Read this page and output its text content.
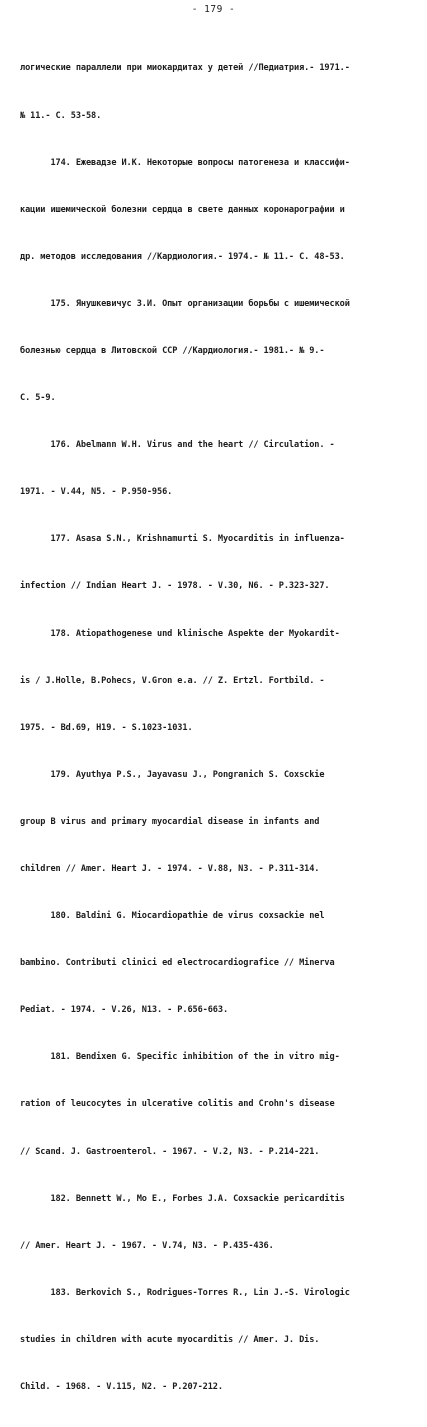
- 179 -

логические параллели при миокардитах у детей //Педиатрия.- 1971.-

№ 11.- С. 53-58.

174. Ежевадзе И.К. Некоторые вопросы патогенеза и классифи-

кации ишемической болезни сердца в свете данных коронарографии и

др. методов исследования //Кардиология.- 1974.- № 11.- С. 48-53.

175. Янушкевичус З.И. Опыт организации борьбы с ишемической

болезнью сердца в Литовской ССР //Кардиология.- 1981.- № 9.-

С. 5-9.

176. Abelmann W.H. Virus and the heart // Circulation. -

1971. - V.44, N5. - P.950-956.

177. Asasa S.N., Krishnamurti S. Myocarditis in influenza-

infection // Indian Heart J. - 1978. - V.30, N6. - P.323-327.

178. Atiopathogenese und klinische Aspekte der Myokardit-

is / J.Holle, B.Pohecs, V.Gron e.a. // Z. Ertzl. Fortbild. -

1975. - Bd.69, H19. - S.1023-1031.

179. Ayuthya P.S., Jayavasu J., Pongranich S. Coxsckie

group B virus and primary myocardial disease in infants and

children // Amer. Heart J. - 1974. - V.88, N3. - P.311-314.

180. Baldini G. Miocardiopathie de virus coxsackie nel

bambino. Contributi clinici ed electrocardiografice // Minerva

Pediat. - 1974. - V.26, N13. - P.656-663.

181. Bendixen G. Specific inhibition of the in vitro mig-

ration of leucocytes in ulcerative colitis and Crohn's disease

// Scand. J. Gastroenterol. - 1967. - V.2, N3. - P.214-221.

182. Bennett W., Mo E., Forbes J.A. Coxsackie pericarditis

// Amer. Heart J. - 1967. - V.74, N3. - P.435-436.

183. Berkovich S., Rodrigues-Torres R., Lin J.-S. Virologic

studies in children with acute myocarditis // Amer. J. Dis.

Child. - 1968. - V.115, N2. - P.207-212.
